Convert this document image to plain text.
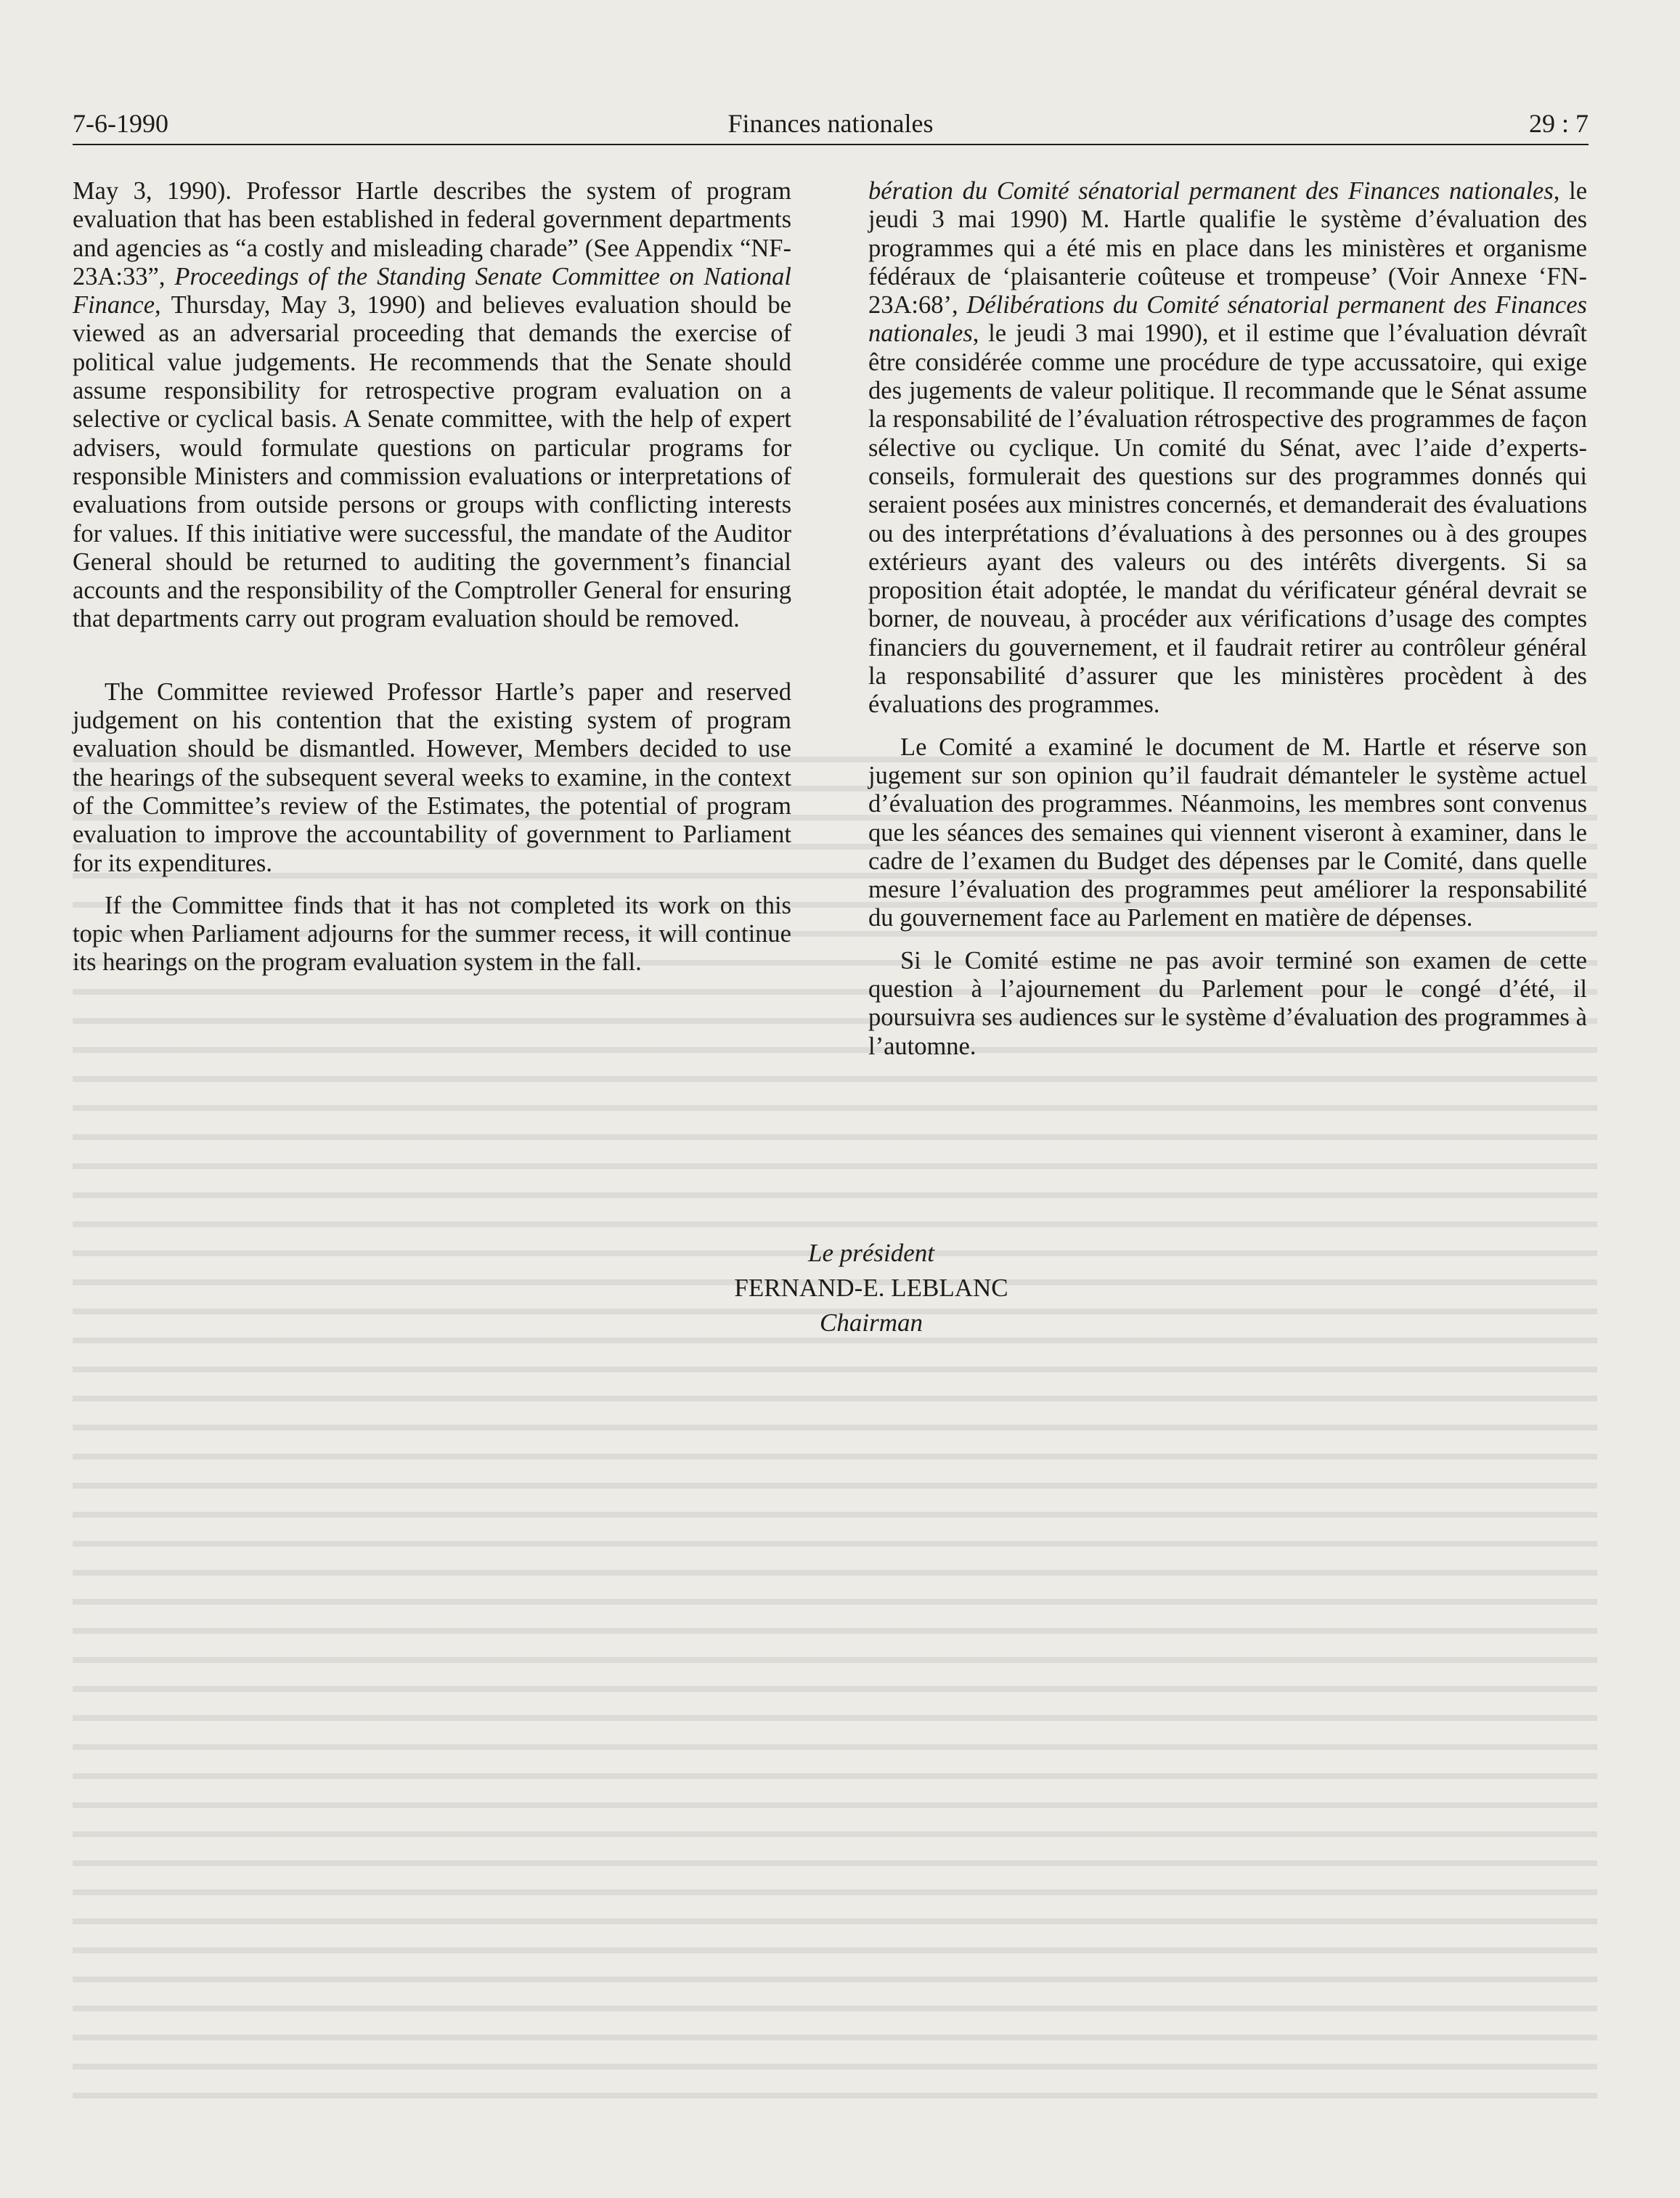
7-6-1990	Finances nationales	29 : 7

May 3, 1990). Professor Hartle describes the system of program evaluation that has been established in federal government departments and agencies as “a costly and misleading charade” (See Appendix “NF-23A:33”, Proceedings of the Standing Senate Committee on National Finance, Thursday, May 3, 1990) and believes evaluation should be viewed as an adversarial proceeding that demands the exercise of political value judgements. He recommends that the Senate should assume responsibility for retrospective program evaluation on a selective or cyclical basis. A Senate committee, with the help of expert advisers, would formulate questions on particular programs for responsible Ministers and commission evaluations or interpretations of evaluations from outside persons or groups with conflicting interests for values. If this initiative were successful, the mandate of the Auditor General should be returned to auditing the government’s financial accounts and the responsibility of the Comptroller General for ensuring that departments carry out program evaluation should be removed.

The Committee reviewed Professor Hartle’s paper and reserved judgement on his contention that the existing system of program evaluation should be dismantled. However, Members decided to use the hearings of the subsequent several weeks to examine, in the context of the Committee’s review of the Estimates, the potential of program evaluation to improve the accountability of government to Parliament for its expenditures.

If the Committee finds that it has not completed its work on this topic when Parliament adjourns for the summer recess, it will continue its hearings on the program evaluation system in the fall.

bération du Comité sénatorial permanent des Finances nationales, le jeudi 3 mai 1990) M. Hartle qualifie le système d’évaluation des programmes qui a été mis en place dans les ministères et organisme fédéraux de ‘plaisanterie coûteuse et trompeuse’ (Voir Annexe ‘FN-23A:68’, Délibérations du Comité sénatorial permanent des Finances nationales, le jeudi 3 mai 1990), et il estime que l’évaluation dévraît être considérée comme une procédure de type accussatoire, qui exige des jugements de valeur politique. Il recommande que le Sénat assume la responsabilité de l’évaluation rétrospective des programmes de façon sélective ou cyclique. Un comité du Sénat, avec l’aide d’experts-conseils, formulerait des questions sur des programmes donnés qui seraient posées aux ministres concernés, et demanderait des évaluations ou des interprétations d’évaluations à des personnes ou à des groupes extérieurs ayant des valeurs ou des intérêts divergents. Si sa proposition était adoptée, le mandat du vérificateur général devrait se borner, de nouveau, à procéder aux vérifications d’usage des comptes financiers du gouvernement, et il faudrait retirer au contrôleur général la responsabilité d’assurer que les ministères procèdent à des évaluations des programmes.

Le Comité a examiné le document de M. Hartle et réserve son jugement sur son opinion qu’il faudrait démanteler le système actuel d’évaluation des programmes. Néanmoins, les membres sont convenus que les séances des semaines qui viennent viseront à examiner, dans le cadre de l’examen du Budget des dépenses par le Comité, dans quelle mesure l’évaluation des programmes peut améliorer la responsabilité du gouvernement face au Parlement en matière de dépenses.

Si le Comité estime ne pas avoir terminé son examen de cette question à l’ajournement du Parlement pour le congé d’été, il poursuivra ses audiences sur le système d’évaluation des programmes à l’automne.

Le président
FERNAND-E. LEBLANC
Chairman
